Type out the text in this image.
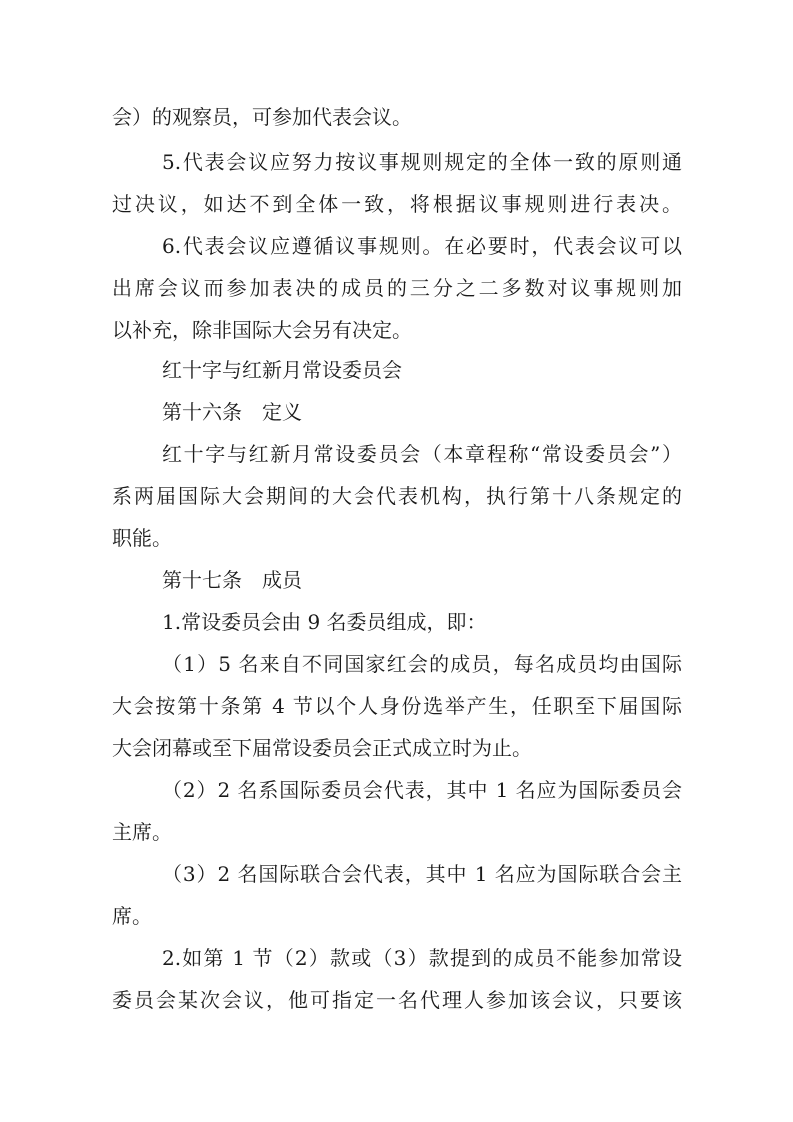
会）的观察员，可参加代表会议。
5.代表会议应努力按议事规则规定的全体一致的原则通
过决议，如达不到全体一致，将根据议事规则进行表决。
6.代表会议应遵循议事规则。在必要时，代表会议可以
出席会议而参加表决的成员的三分之二多数对议事规则加
以补充，除非国际大会另有决定。
红十字与红新月常设委员会
第十六条　定义
红十字与红新月常设委员会（本章程称“常设委员会”）
系两届国际大会期间的大会代表机构，执行第十八条规定的
职能。
第十七条　成员
1.常设委员会由 9 名委员组成，即：
（1）5 名来自不同国家红会的成员，每名成员均由国际
大会按第十条第 4 节以个人身份选举产生，任职至下届国际
大会闭幕或至下届常设委员会正式成立时为止。
（2）2 名系国际委员会代表，其中 1 名应为国际委员会
主席。
（3）2 名国际联合会代表，其中 1 名应为国际联合会主
席。
2.如第 1 节（2）款或（3）款提到的成员不能参加常设
委员会某次会议，他可指定一名代理人参加该会议，只要该
